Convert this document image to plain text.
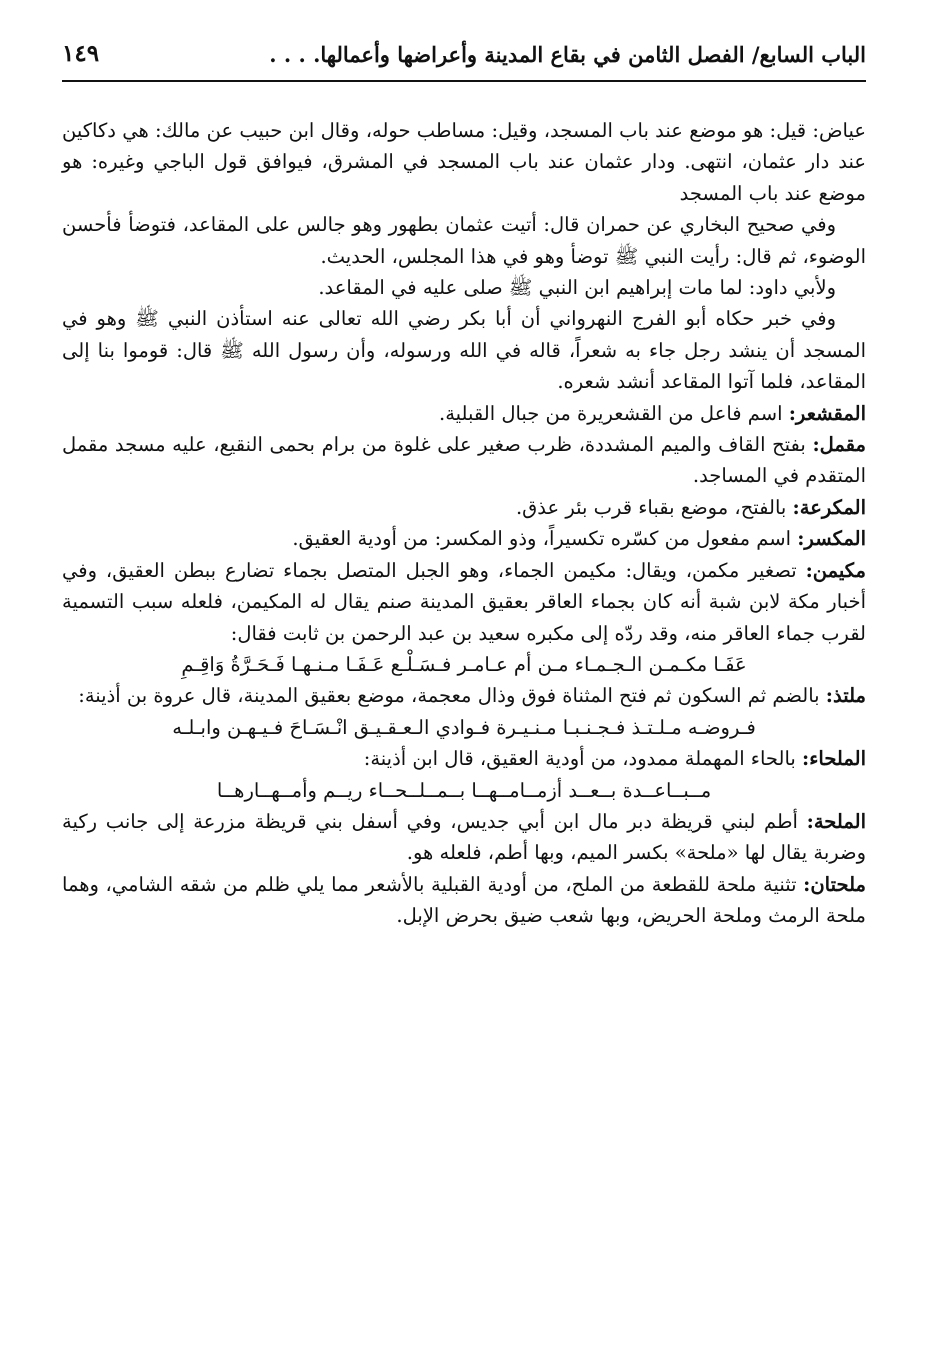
الباب السابع/ الفصل الثامن في بقاع المدينة وأعراضها وأعمالها. . . .
١٤٩

عياض: قيل: هو موضع عند باب المسجد، وقيل: مساطب حوله، وقال ابن حبيب عن مالك: هي دكاكين عند دار عثمان، انتهى. ودار عثمان عند باب المسجد في المشرق، فيوافق قول الباجي وغيره: هو موضع عند باب المسجد

وفي صحيح البخاري عن حمران قال: أتيت عثمان بطهور وهو جالس على المقاعد، فتوضأ فأحسن الوضوء، ثم قال: رأيت النبي ﷺ توضأ وهو في هذا المجلس، الحديث.

ولأبي داود: لما مات إبراهيم ابن النبي ﷺ صلى عليه في المقاعد.

وفي خبر حكاه أبو الفرج النهرواني أن أبا بكر رضي الله تعالى عنه استأذن النبي ﷺ وهو في المسجد أن ينشد رجل جاء به شعراً، قاله في الله ورسوله، وأن رسول الله ﷺ قال: قوموا بنا إلى المقاعد، فلما آتوا المقاعد أنشد شعره.

المقشعر: اسم فاعل من القشعريرة من جبال القبلية.

مقمل: بفتح القاف والميم المشددة، ظرب صغير على غلوة من برام بحمى النقيع، عليه مسجد مقمل المتقدم في المساجد.

المكرعة: بالفتح، موضع بقباء قرب بئر عذق.

المكسر: اسم مفعول من كسّره تكسيراً، وذو المكسر: من أودية العقيق.

مكيمن: تصغير مكمن، ويقال: مكيمن الجماء، وهو الجبل المتصل بجماء تضارع ببطن العقيق، وفي أخبار مكة لابن شبة أنه كان بجماء العاقر بعقيق المدينة صنم يقال له المكيمن، فلعله سبب التسمية لقرب جماء العاقر منه، وقد ردّه إلى مكبره سعيد بن عبد الرحمن بن ثابت فقال:

عَفَـا مكـمـن الـجـمـاء مـن أم عـامـر فـسَـلْـع عَـفَـا مـنـهـا فَـحَـرَّةُ وَاقِـمِ

ملتذ: بالضم ثم السكون ثم فتح المثناة فوق وذال معجمة، موضع بعقيق المدينة، قال عروة بن أذينة:

فـروضـه مـلـتـذ فـجـنـبـا مـنـيـرة فـوادي الـعـقـيـق انْـسَـاحَ فـيـهـن وابـلـه

الملحاء: بالحاء المهملة ممدود، من أودية العقيق، قال ابن أذينة:

مــبــاعــدة بــعــد أزمــامــهــا بــمــلــحــاء ريــم وأمــهــارهــا

الملحة: أطم لبني قريظة دبر مال ابن أبي جديس، وفي أسفل بني قريظة مزرعة إلى جانب ركية وضربة يقال لها «ملحة» بكسر الميم، وبها أطم، فلعله هو.

ملحتان: تثنية ملحة للقطعة من الملح، من أودية القبلية بالأشعر مما يلي ظلم من شقه الشامي، وهما ملحة الرمث وملحة الحريض، وبها شعب ضيق بحرض الإبل.
